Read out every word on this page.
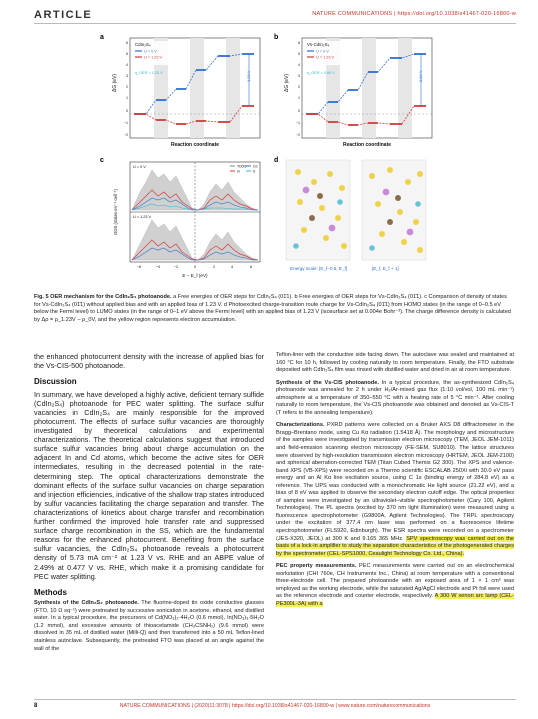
ARTICLE	NATURE COMMUNICATIONS | https://doi.org/10.1038/s41467-020-16800-w
a
1.23 V
CdIn₂S₄
U = 0 V
U = 1.23 V
η_OER = 1.23 V
ΔG (eV)
6
5
4
3
2
1
0
−1
−2
Reaction coordinate
b
0.84 V
Vs-CdIn₂S₄
U = 0 V
U = 1.23 V
η_OER = 0.84 V
ΔG (eV)
6
5
4
3
2
1
0
−1
−2
Reaction coordinate
c
U = 0 V
U = 1.23 V
TDOS
In
Cd
S
DOS (states·eV⁻¹·cell⁻¹)
−6	−4	−2	0	2	4	6
E − E_f (eV)
d
Energy scale: [E_f−0.5, E_f]	[E_f, E_f + 1]
Fig. 5 OER mechanism for the CdIn₂S₄ photoanode. a Free energies of OER steps for CdIn₂S₄ (01̄1). b Free energies of OER steps for Vs-CdIn₂S₄ (01̄1). c Comparison of density of states for Vs-CdIn₂S₄ (01̄1) without applied bias and with an applied bias of 1.23 V. d Photoexcited charge-transition route charge for Vs-CdIn₂S₄ (01̄1) from HOMO states (in the range of 0–0.5 eV below the Fermi level) to LUMO states (in the range of 0–1 eV above the Fermi level) with an applied bias of 1.23 V (isosurface set at 0.004e Bohr⁻³). The charge difference density is calculated by Δρ = ρ_1.23V − ρ_0V, and the yellow region represents electron accumulation.
the enhanced photocurrent density with the increase of applied bias for the Vs-CIS-500 photoanode.
Discussion
In summary, we have developed a highly active, deficient ternary sulfide (CdIn₂S₄) photoanode for PEC water splitting. The surface sulfur vacancies in CdIn₂S₄ are mainly responsible for the improved photocurrent. The effects of surface sulfur vacancies are thoroughly investigated by theoretical calculations and experimental characterizations. The theoretical calculations suggest that introduced surface sulfur vacancies bring about charge accumulation on the adjacent In and Cd atoms, which become the active sites for OER intermediates, resulting in the decreased potential in the rate-determining step. The optical characterizations demonstrate the dominant effects of the surface sulfur vacancies on charge separation and injection efficiencies, indicative of the shallow trap states introduced by sulfur vacancies facilitating the charge separation and transfer. The characterizations of kinetics about charge transfer and recombination further confirmed the improved hole transfer rate and suppressed surface charge recombination in the SS, which are the fundamental reasons for the enhanced photocurrent. Benefiting from the surface sulfur vacancies, the CdIn₂S₄ photoanode reveals a photocurrent density of 5.73 mA cm⁻² at 1.23 V vs. RHE and an ABPE value of 2.49% at 0.477 V vs. RHE, which make it a promising candidate for PEC water splitting.
Methods
Synthesis of the CdIn₂S₄ photoanode. The fluorine-doped tin oxide conductive glasses (FTO, 10 Ω sq⁻¹) were pretreated by successive sonication in acetone, ethanol, and distilled water. In a typical procedure, the precursors of Cd(NO₃)₂·4H₂O (0.6 mmol), In(NO₃)₃·5H₂O (1.2 mmol), and excessive amounts of thioacetamide (CH₃CSNH₂) (9.6 mmol) were dissolved in 35 mL of distilled water (Milli-Q) and then transferred into a 50 mL Teflon-lined stainless autoclave. Subsequently, the pretreated FTO was placed at an angle against the wall of the
Teflon-liner with the conductive side facing down. The autoclave was sealed and maintained at 160 °C for 10 h, followed by cooling naturally to room temperature. Finally, the FTO substrate deposited with CdIn₂S₄ film was rinsed with distilled water and dried in air at room temperature.
Synthesis of the Vs-CIS photoanode. In a typical procedure, the as-synthesized CdIn₂S₄ photoanode was annealed for 2 h under H₂/Ar-mixed gas flux (1:10 vol/vol, 100 mL min⁻¹) atmosphere at a temperature of 350–550 °C with a heating rate of 5 °C min⁻¹. After cooling naturally to room temperature, the Vs-CIS photoanode was obtained and denoted as Vs-CIS-T (T refers to the annealing temperature).
Characterizations. PXRD patterns were collected on a Bruker AXS D8 diffractometer in the Bragg–Brentano mode, using Cu Kα radiation (1.5418 Å). The morphology and microstructure of the samples were investigated by transmission electron microscopy (TEM, JEOL JEM-1011) and field-emission scanning electron microscopy (FE-SEM, SU8010). The lattice structures were observed by high-resolution transmission electron microscopy (HRTEM, JEOL JEM-2100) and spherical aberration-corrected TEM (Titan Cubed Themis G2 300). The XPS and valence-band XPS (VB-XPS) were recorded on a Thermo scientific ESCALAB 250Xi with 30.0 eV pass energy and an Al Kα line excitation source, using C 1s (binding energy of 284.8 eV) as a reference. The UPS was conducted with a monochromatic He light source (21.22 eV), and a bias of 8 eV was applied to observe the secondary electron cutoff edge. The optical properties of samples were investigated by an ultraviolet–visible spectrophotometer (Cary 100, Agilent Technologies). The PL spectra (excited by 370 nm light illumination) were measured using a fluorescence spectrophotometer (G9800A, Agilent Technologies). The TRPL spectroscopy under the excitation of 377.4 nm laser was performed on a fluorescence lifetime spectrophotometer (FLS920, Edinburgh). The ESR spectra were recorded on a spectrometer (JES-X320, JEOL) at 300 K and 9.165 365 MHz. SPV spectroscopy was carried out on the basis of a lock-in amplifier to study the separation characteristics of the photogenerated charges by the spectrometer (CEL-SPS1000, Ceaulight Technology Co. Ltd., China).
PEC property measurements. PEC measurements were carried out on an electrochemical workstation (CHI 760e, CH Instruments Inc., China) at room temperature with a conventional three-electrode cell. The prepared photoanode with an exposed area of 1 × 1 cm² was employed as the working electrode, while the saturated Ag/AgCl electrode and Pt foil were used as the reference electrode and counter electrode, respectively. A 300 W xenon arc lamp (CEL-PE300L-3A) with a
8	NATURE COMMUNICATIONS | (2020)11:3078 | https://doi.org/10.1038/s41467-020-16800-w | www.nature.com/naturecommunications
